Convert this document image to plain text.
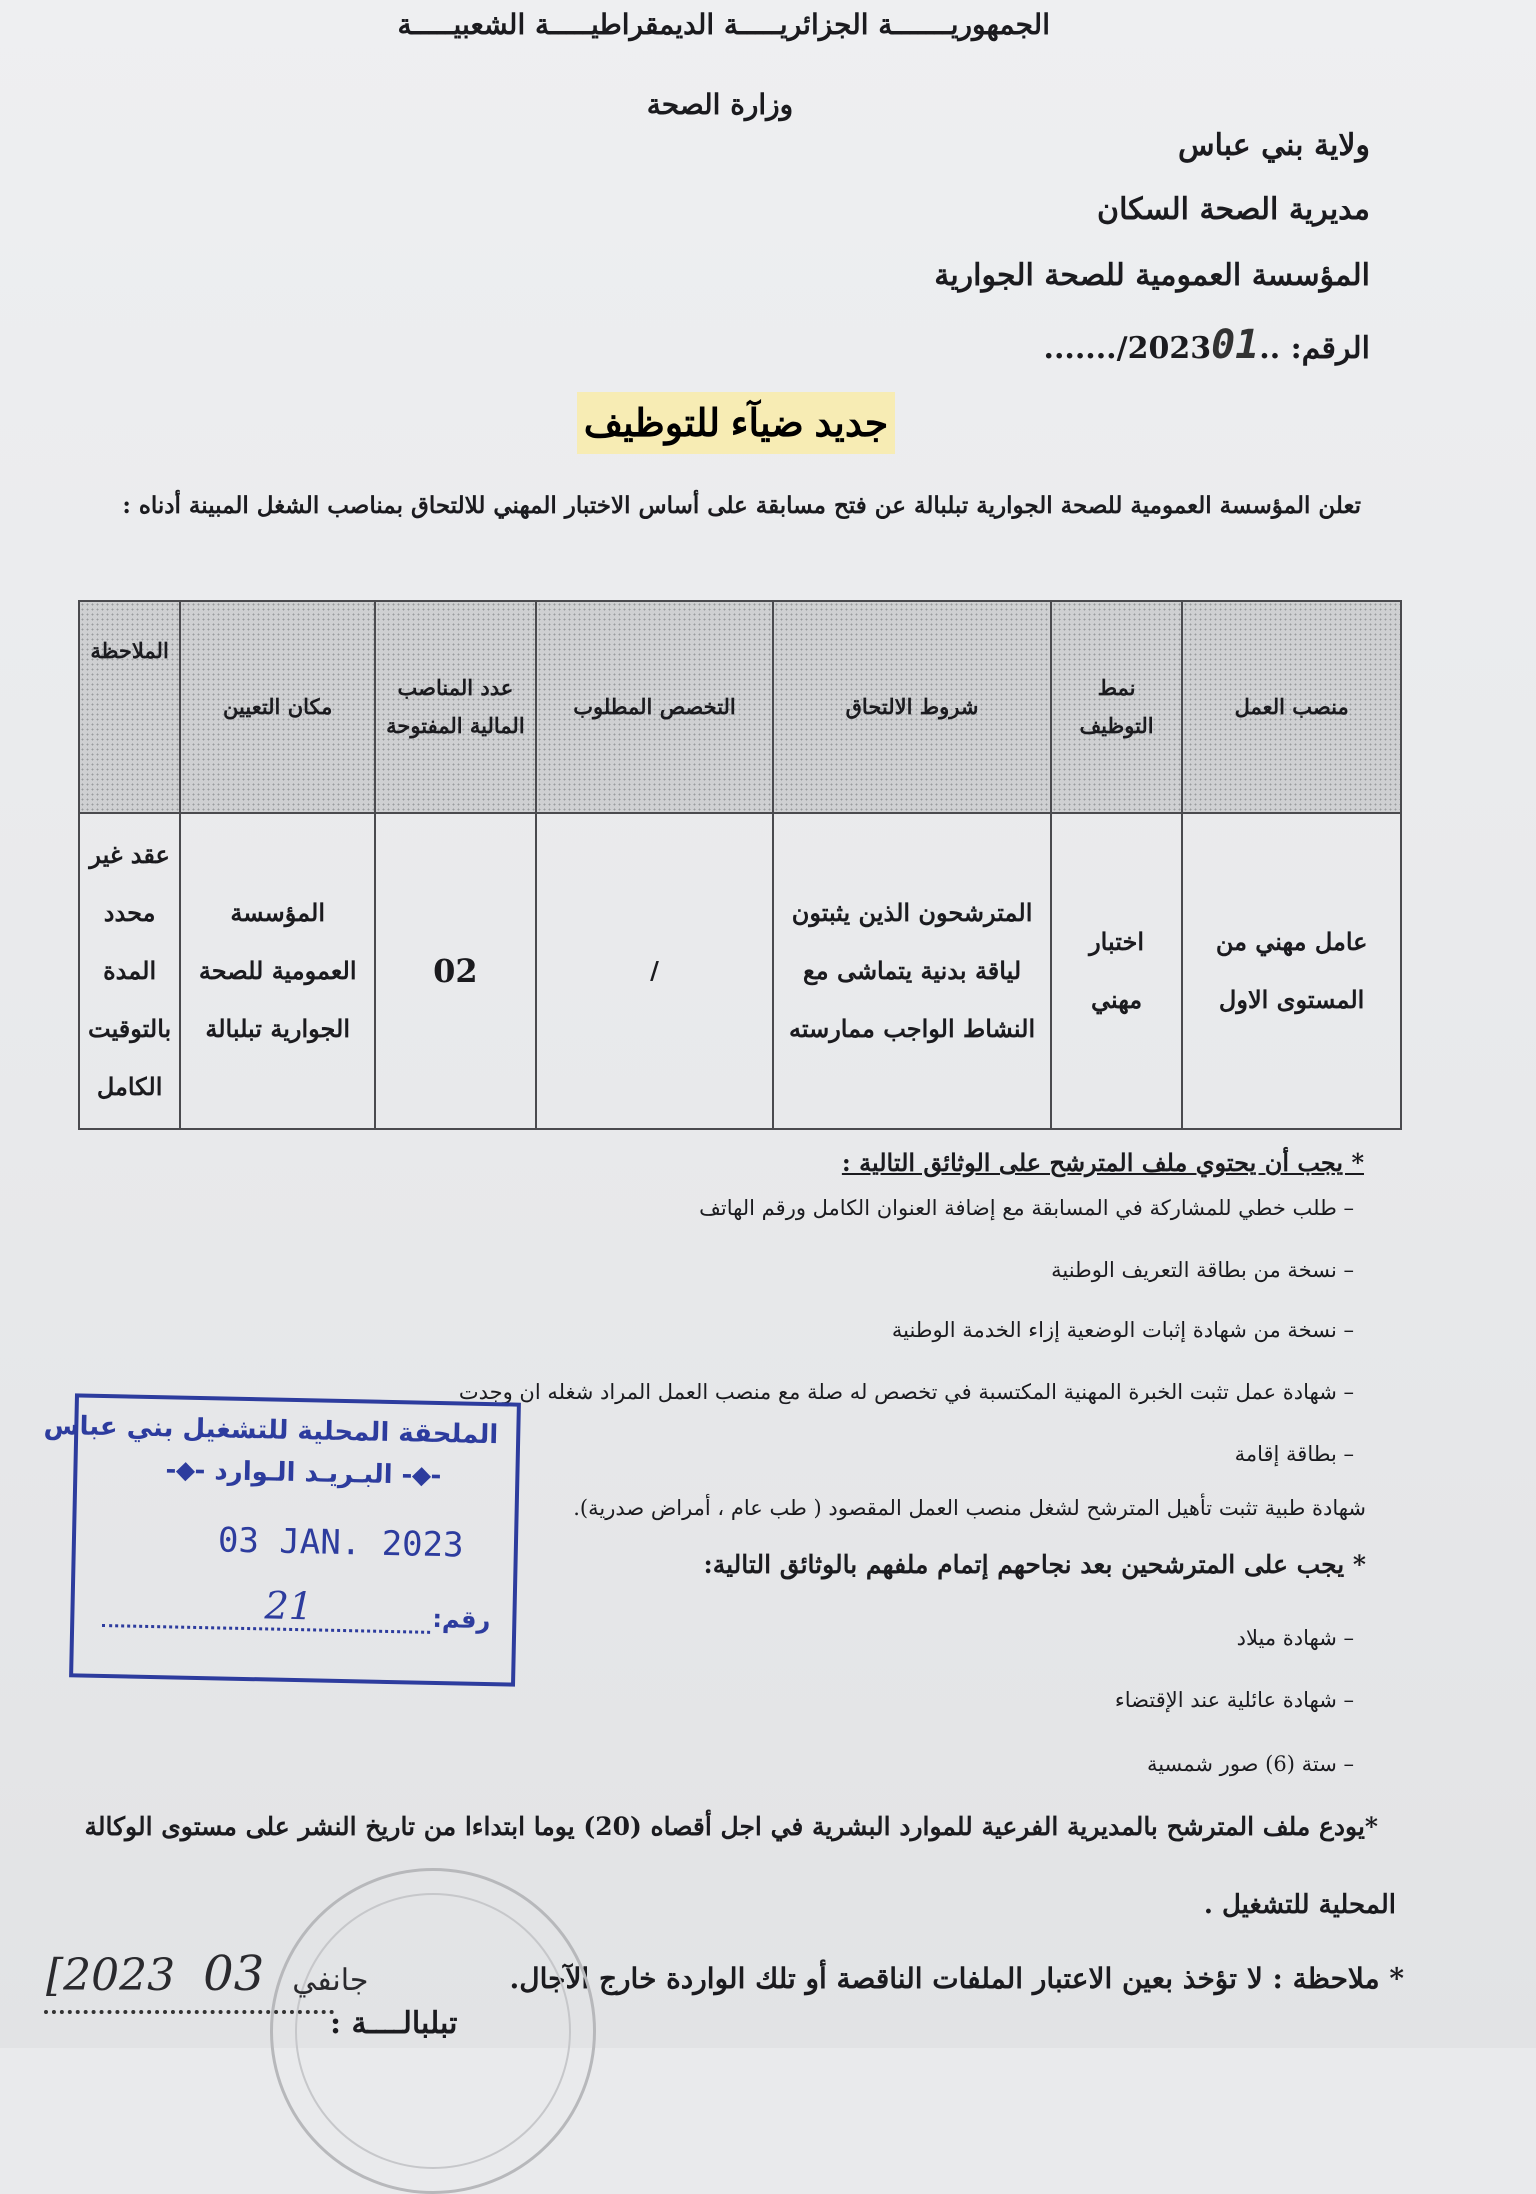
الجمهوريـــــــة الجزائريـــــة الديمقراطيـــــة الشعبيـــــة
وزارة الصحة
ولاية بني عباس
مديرية الصحة السكان
المؤسسة العمومية للصحة الجوارية
......./202301الرقم: ..
جديد ضيآء للتوظيف
تعلن المؤسسة العمومية للصحة الجوارية تبلبالة عن فتح مسابقة على أساس الاختبار المهني للالتحاق بمناصب الشغل المبينة أدناه :
منصب العمل	نمط التوظيف	شروط الالتحاق	التخصص المطلوب	عدد المناصب المالية المفتوحة	مكان التعيين	الملاحظة
عامل مهني من المستوى الاول	اختبار مهني	المترشحون الذين يثبتون لياقة بدنية يتماشى مع النشاط الواجب ممارسته	/	02	المؤسسة العمومية للصحة الجوارية تبلبالة	عقد غير محدد المدة بالتوقيت الكامل
* يجب أن يحتوي ملف المترشح على الوثائق التالية :
– طلب خطي للمشاركة في المسابقة مع إضافة العنوان الكامل ورقم الهاتف
– نسخة من بطاقة التعريف الوطنية
– نسخة من شهادة إثبات الوضعية إزاء الخدمة الوطنية
– شهادة عمل تثبت الخبرة المهنية المكتسبة في تخصص له صلة مع منصب العمل المراد شغله ان وجدت
– بطاقة إقامة
شهادة طبية تثبت تأهيل المترشح لشغل منصب العمل المقصود ( طب عام ، أمراض صدرية).
* يجب على المترشحين بعد نجاحهم إتمام ملفهم بالوثائق التالية:
– شهادة ميلاد
– شهادة عائلية عند الإقتضاء
– ستة (6) صور شمسية
*يودع ملف المترشح بالمديرية الفرعية للموارد البشرية في اجل أقصاه (20) يوما ابتداءا من تاريخ النشر على مستوى الوكالة
المحلية للتشغيل .
* ملاحظة : لا تؤخذ بعين الاعتبار الملفات الناقصة أو تلك الواردة خارج الآجال.
الملحقة المحلية للتشغيل بني عباس
-⬥- البـريـد الـوارد -⬥-
03 JAN. 2023
21	رقم:
[2023	جانفي 03
تبلبالــــة :
